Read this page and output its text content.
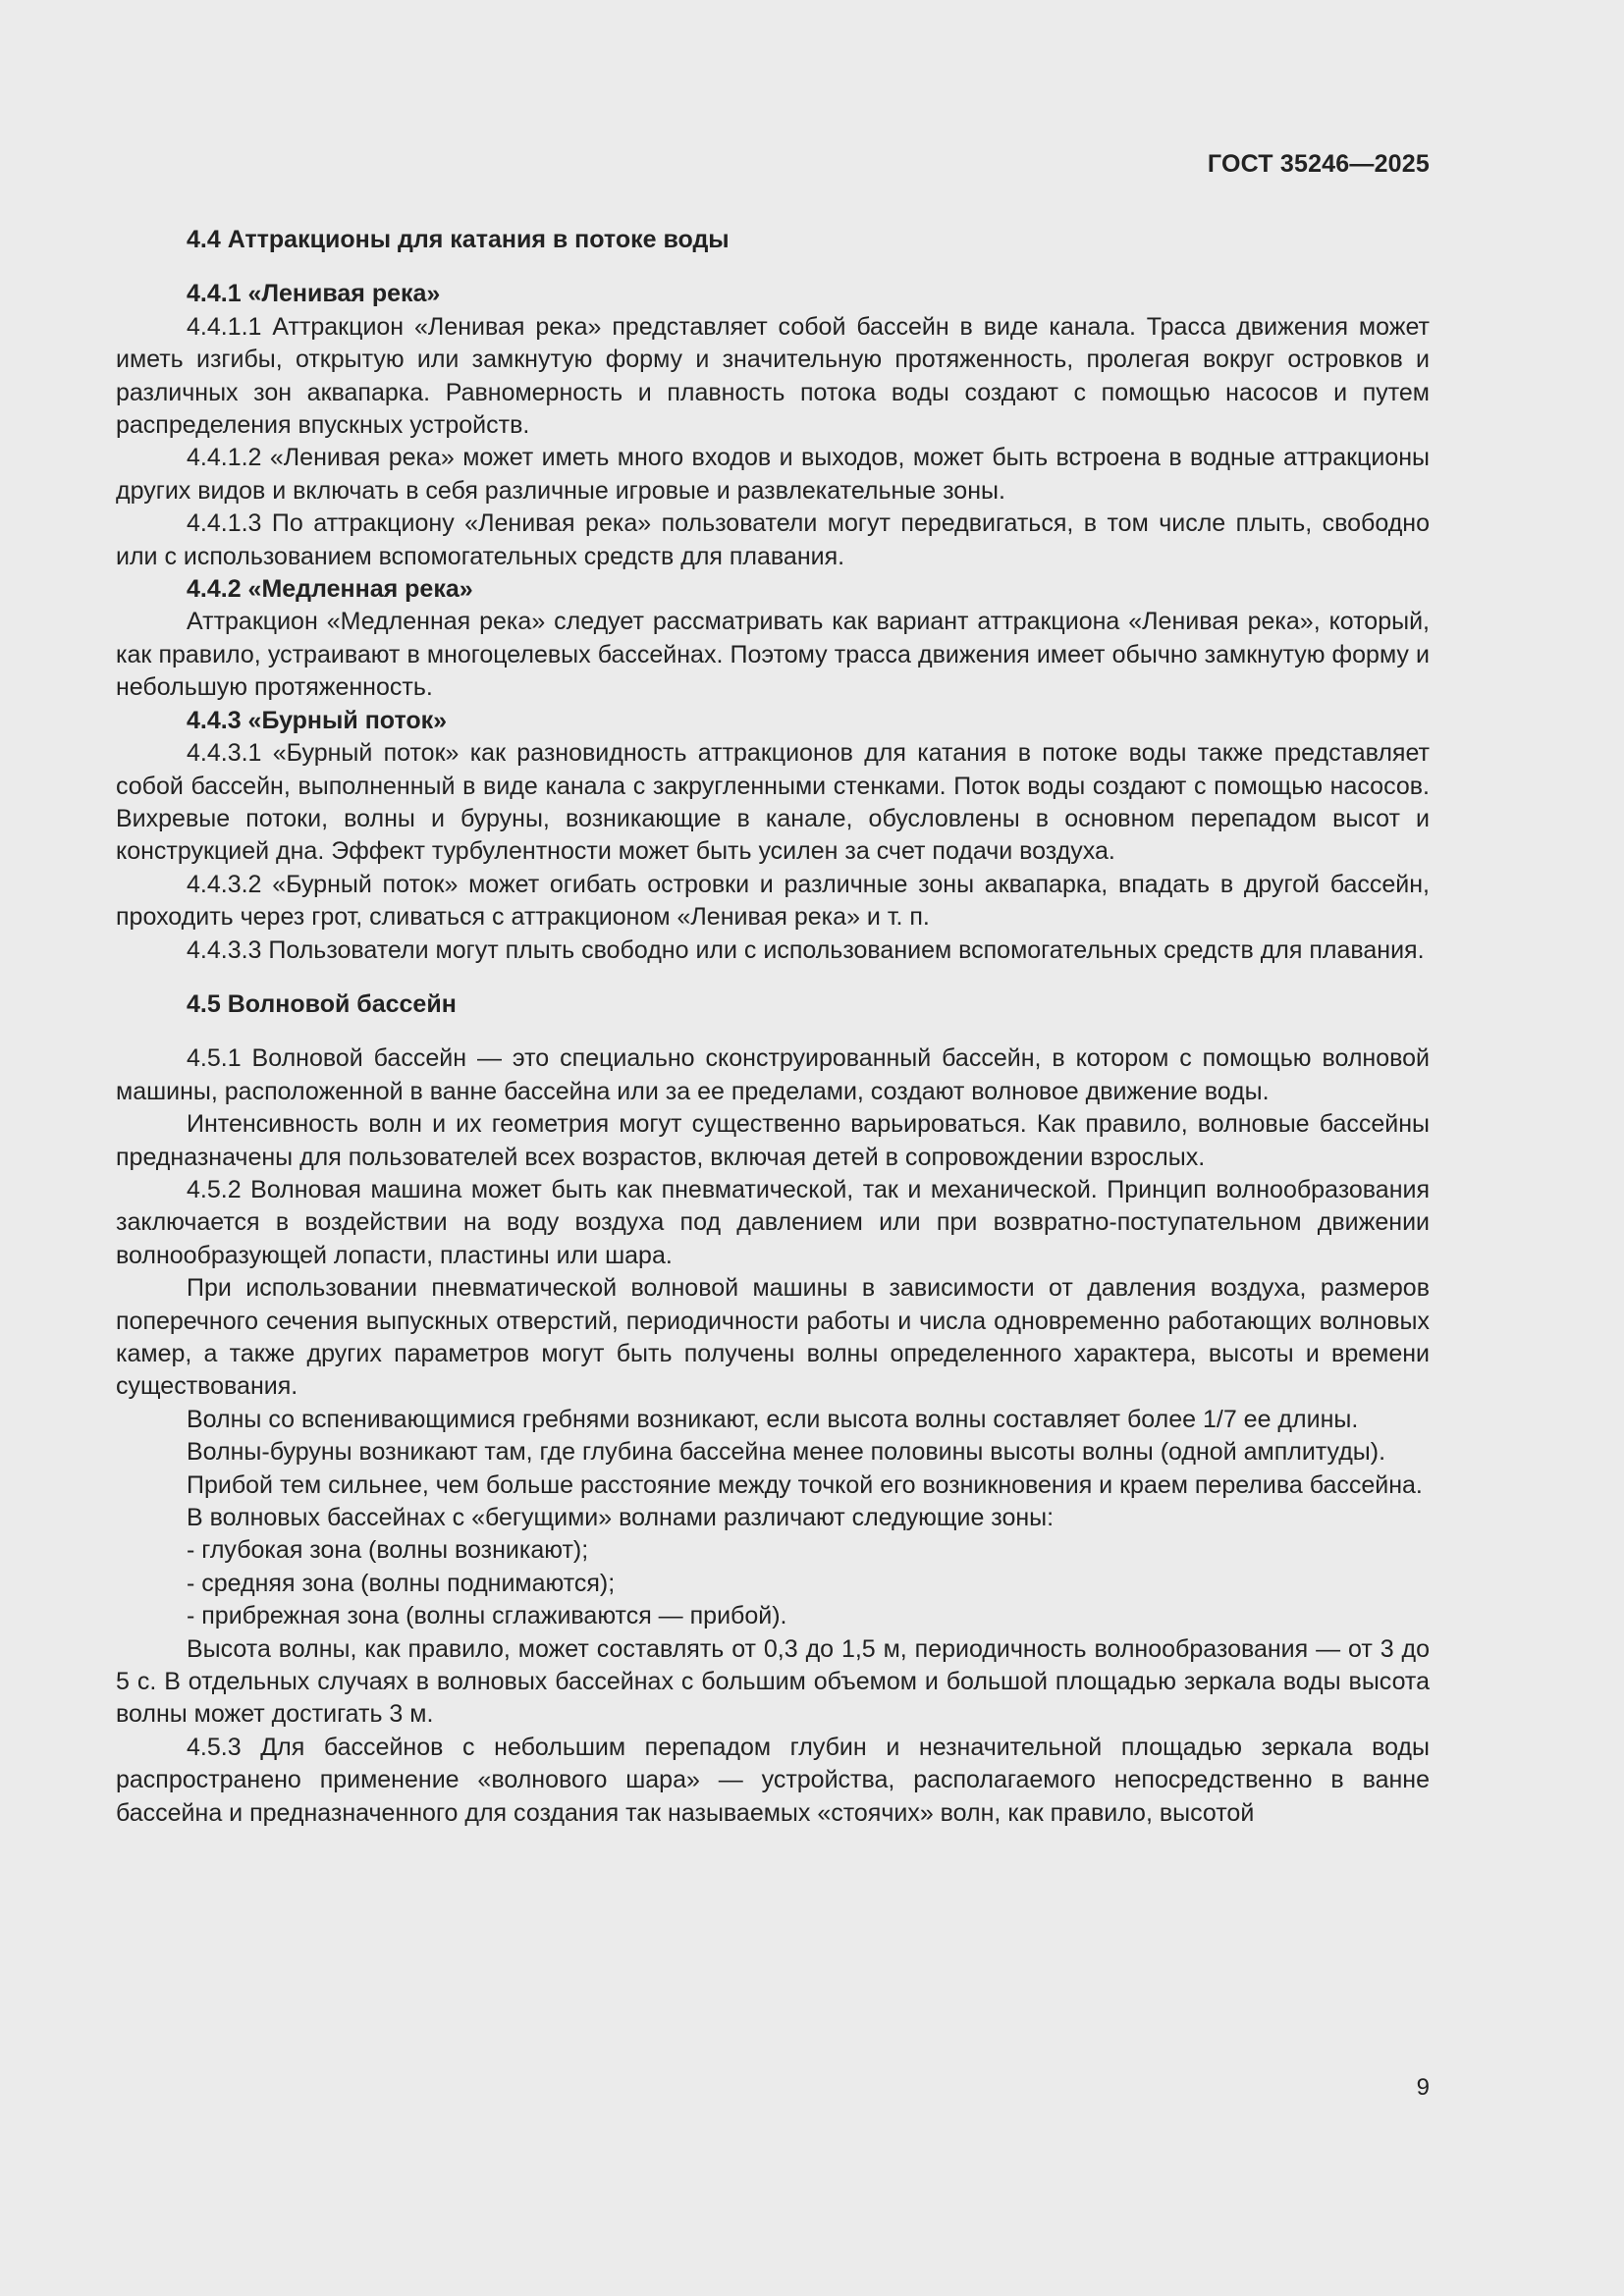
ГОСТ 35246—2025

4.4 Аттракционы для катания в потоке воды

4.4.1 «Ленивая река»

4.4.1.1 Аттракцион «Ленивая река» представляет собой бассейн в виде канала. Трасса движения может иметь изгибы, открытую или замкнутую форму и значительную протяженность, пролегая вокруг островков и различных зон аквапарка. Равномерность и плавность потока воды создают с помощью насосов и путем распределения впускных устройств.

4.4.1.2 «Ленивая река» может иметь много входов и выходов, может быть встроена в водные аттракционы других видов и включать в себя различные игровые и развлекательные зоны.

4.4.1.3 По аттракциону «Ленивая река» пользователи могут передвигаться, в том числе плыть, свободно или с использованием вспомогательных средств для плавания.

4.4.2 «Медленная река»

Аттракцион «Медленная река» следует рассматривать как вариант аттракциона «Ленивая река», который, как правило, устраивают в многоцелевых бассейнах. Поэтому трасса движения имеет обычно замкнутую форму и небольшую протяженность.

4.4.3 «Бурный поток»

4.4.3.1 «Бурный поток» как разновидность аттракционов для катания в потоке воды также представляет собой бассейн, выполненный в виде канала с закругленными стенками. Поток воды создают с помощью насосов. Вихревые потоки, волны и буруны, возникающие в канале, обусловлены в основном перепадом высот и конструкцией дна. Эффект турбулентности может быть усилен за счет подачи воздуха.

4.4.3.2 «Бурный поток» может огибать островки и различные зоны аквапарка, впадать в другой бассейн, проходить через грот, сливаться с аттракционом «Ленивая река» и т. п.

4.4.3.3 Пользователи могут плыть свободно или с использованием вспомогательных средств для плавания.

4.5 Волновой бассейн

4.5.1 Волновой бассейн — это специально сконструированный бассейн, в котором с помощью волновой машины, расположенной в ванне бассейна или за ее пределами, создают волновое движение воды.

Интенсивность волн и их геометрия могут существенно варьироваться. Как правило, волновые бассейны предназначены для пользователей всех возрастов, включая детей в сопровождении взрослых.

4.5.2 Волновая машина может быть как пневматической, так и механической. Принцип волнообразования заключается в воздействии на воду воздуха под давлением или при возвратно-поступательном движении волнообразующей лопасти, пластины или шара.

При использовании пневматической волновой машины в зависимости от давления воздуха, размеров поперечного сечения выпускных отверстий, периодичности работы и числа одновременно работающих волновых камер, а также других параметров могут быть получены волны определенного характера, высоты и времени существования.

Волны со вспенивающимися гребнями возникают, если высота волны составляет более 1/7 ее длины.

Волны-буруны возникают там, где глубина бассейна менее половины высоты волны (одной амплитуды).

Прибой тем сильнее, чем больше расстояние между точкой его возникновения и краем перелива бассейна.

В волновых бассейнах с «бегущими» волнами различают следующие зоны:

- глубокая зона (волны возникают);

- средняя зона (волны поднимаются);

- прибрежная зона (волны сглаживаются — прибой).

Высота волны, как правило, может составлять от 0,3 до 1,5 м, периодичность волнообразования — от 3 до 5 с. В отдельных случаях в волновых бассейнах с большим объемом и большой площадью зеркала воды высота волны может достигать 3 м.

4.5.3 Для бассейнов с небольшим перепадом глубин и незначительной площадью зеркала воды распространено применение «волнового шара» — устройства, располагаемого непосредственно в ванне бассейна и предназначенного для создания так называемых «стоячих» волн, как правило, высотой

9
